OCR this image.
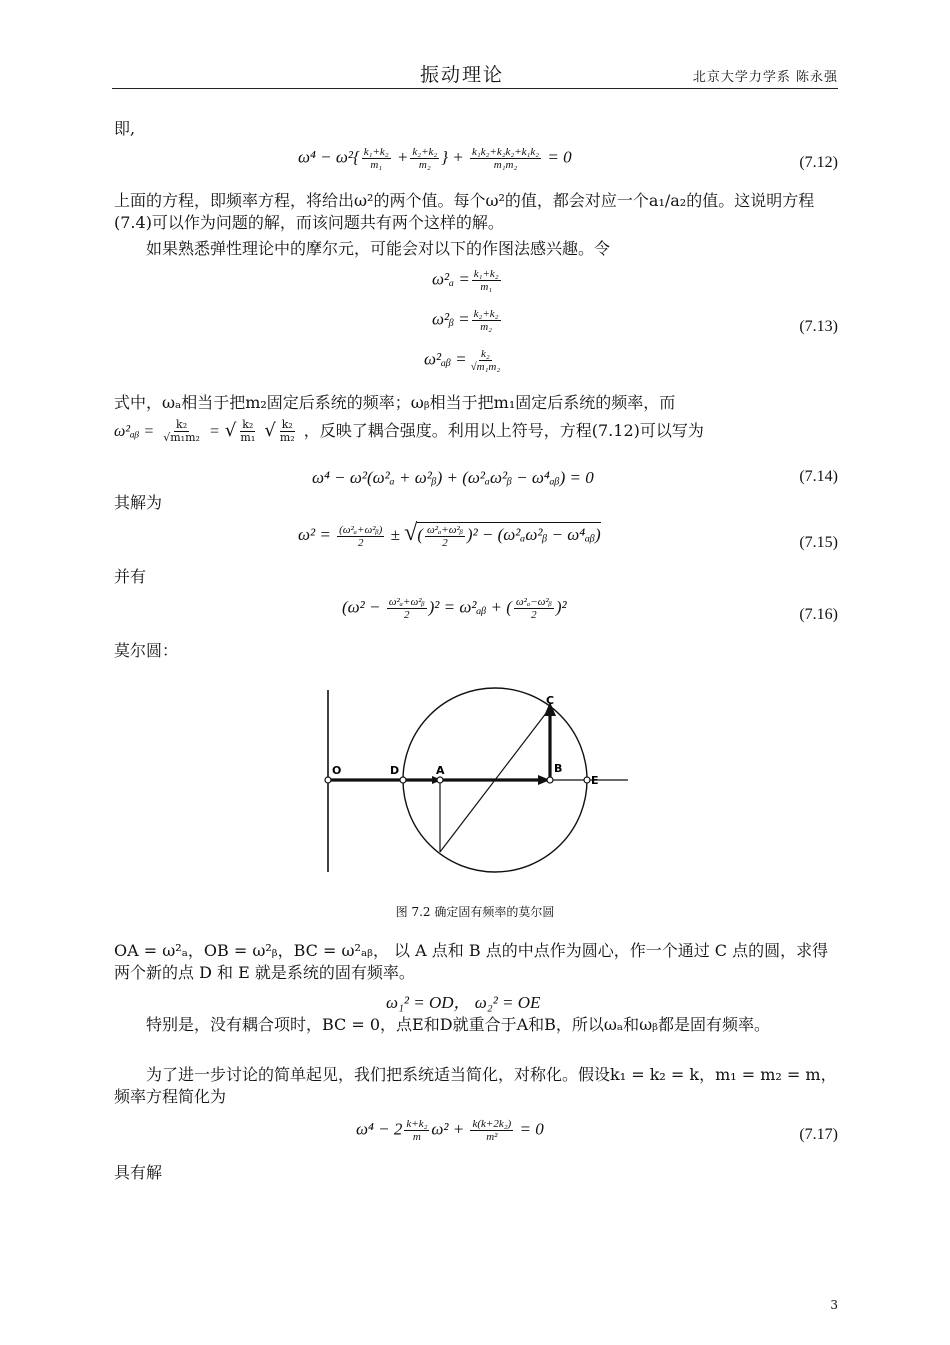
振动理论	北京大学力学系 陈永强
即,
$\omega^4 - \omega^2\{ \frac{\text{k₁+k₂}}{\text{m₁}} + \frac{\text{k₂+k₂}}{\text{m₂}}$ } + $\frac{\text{k₁k₂+k₂k₂+k₁k₂}}{\text{m₁m₂}} = 0$	(7.12)
上面的方程，即频率方程，将给出ω²的两个值。每个ω²的值，都会对应一个a₁/a₂的值。这说明方程(7.4)可以作为问题的解，而该问题共有两个这样的解。
如果熟悉弹性理论中的摩尔元，可能会对以下的作图法感兴趣。令
$\omega^2_a = \frac{\text{k₁+k₂}}{\text{m₁}}$
ω²ᵦ = $\frac{\text{k₂+k₂}}{\text{m₂}}$
ω²ₐᵦ = $\frac{\text{k₂}}{\text{√m₁m₂}}$
(7.13)
式中，ωₐ相当于把m₂固定后系统的频率；ωᵦ相当于把m₁固定后系统的频率，而
ω²ₐᵦ = $\frac{\text{k₂}}{\text{√m₁m₂}}$ = √ $\frac{\text{k₂}}{\text{m₁}}$ √ $\frac{\text{k₂}}{\text{m₂}}$ ，反映了耦合强度。利用以上符号，方程(7.12)可以写为
ω⁴ − ω²(ω²ₐ + ω²ᵦ) + (ω²ₐω²ᵦ − ω⁴ₐᵦ) = 0	(7.14)
其解为
$\omega^2 = \frac{\text{(ω²ₐ+ω²ᵦ)}}{2}$ ± √( $\frac{\text{ω²ₐ+ω²ᵦ}}{2} )^2$ − (ω²ₐω²ᵦ − ω⁴ₐᵦ)	(7.15)
并有
$(\omega^2 - \frac{\text{ω²ₐ+ω²ᵦ}}{2} )^2$ = ω²ₐᵦ + ( $\frac{\text{ω²ₐ−ω²ᵦ}}{2} )^2$	(7.16)
莫尔圆：
O	D	A	B
E
C
图 7.2 确定固有频率的莫尔圆
OA = ω²ₐ，OB = ω²ᵦ，BC = ω²ₐᵦ， 以 A 点和 B 点的中点作为圆心，作一个通过 C 点的圆，求得两个新的点 D 和 E 就是系统的固有频率。
ω₁² = OD， ω₂² = OE
特别是，没有耦合项时，BC = 0，点E和D就重合于A和B，所以ωₐ和ωᵦ都是固有频率。
为了进一步讨论的简单起见，我们把系统适当简化，对称化。假设k₁ = k₂ = k，m₁ = m₂ = m，频率方程简化为
$\omega^4 - 2 \frac{\text{k+k₂}}{m} \omega^2 + \frac{\text{k(k+2k₂)}}{\text{m²}} = 0$	(7.17)
具有解
3
